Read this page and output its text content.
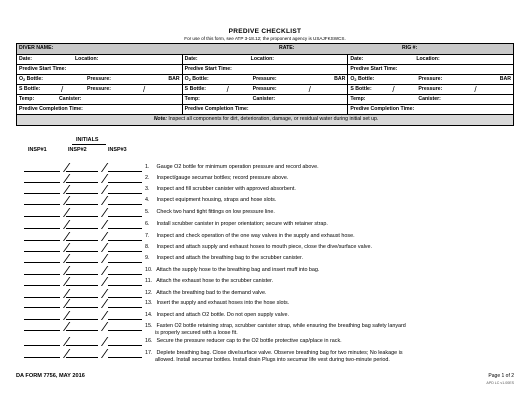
PREDIVE CHECKLIST
For use of this form, see ATP 3-18.12; the proponent agency is USAJFKSWCS.
DIVER NAME:	RATE:	RIG #:
Date:	Location:	Date:	Location:	Date:	Location:
Predive Start Time:	Predive Start Time:	Predive Start Time:
$O_2$ Bottle:	Pressure:	BAR $O_2$ Bottle:	Pressure:	BAR $O_2$ Bottle:	Pressure:	BAR
S Bottle:	/	Pressure:	/	S Bottle:	/	Pressure:	/	S Bottle:	/	Pressure:	/
Temp:	Canister:	Temp:	Canister:	Temp:	Canister:
Predive Completion Time:	Predive Completion Time:	Predive Completion Time:
Note: Inspect all components for dirt, deterioration, damage, or residual water during initial set up.
INITIALS
INSP#1	INSP#2	INSP#3
1. Gauge O2 bottle for minimum operation pressure and record above.
2. Inspect/gauge secumar bottles; record pressure above.
3. Inspect and fill scrubber canister with approved absorbent.
4. Inspect equipment housing, straps and hose slots.
5. Check two hand tight fittings on low pressure line.
6. Install scrubber canister in proper orientation; secure with retainer strap.
7. Inspect and check operation of the one way valves in the supply and exhaust hose.
8. Inspect and attach supply and exhaust hoses to mouth piece, close the dive/surface valve.
9. Inspect and attach the breathing bag to the scrubber canister.
10. Attach the supply hose to the breathing bag and insert muff into bag.
11. Attach the exhaust hose to the scrubber canister.
12. Attach the breathing bad to the demand valve.
13. Insert the supply and exhaust hoses into the hose slots.
14. Inspect and attach O2 bottle. Do not open supply valve.
15. Fasten O2 bottle retaining strap, scrubber canister strap, while ensuring the breathing bag safety lanyard
is properly secured with a loose fit.
16. Secure the pressure reducer cap to the O2 bottle protective cap/place in rack.
17. Deplete breathing bag. Close dive/surface valve. Observe breathing bag for two minutes; No leakage is
allowed. Install secumar bottles. Install drain Plugs into secumar life vest during two-minute period.
DA FORM 7756, MAY 2016	Page 1 of 2
APD LC v1.00ES
